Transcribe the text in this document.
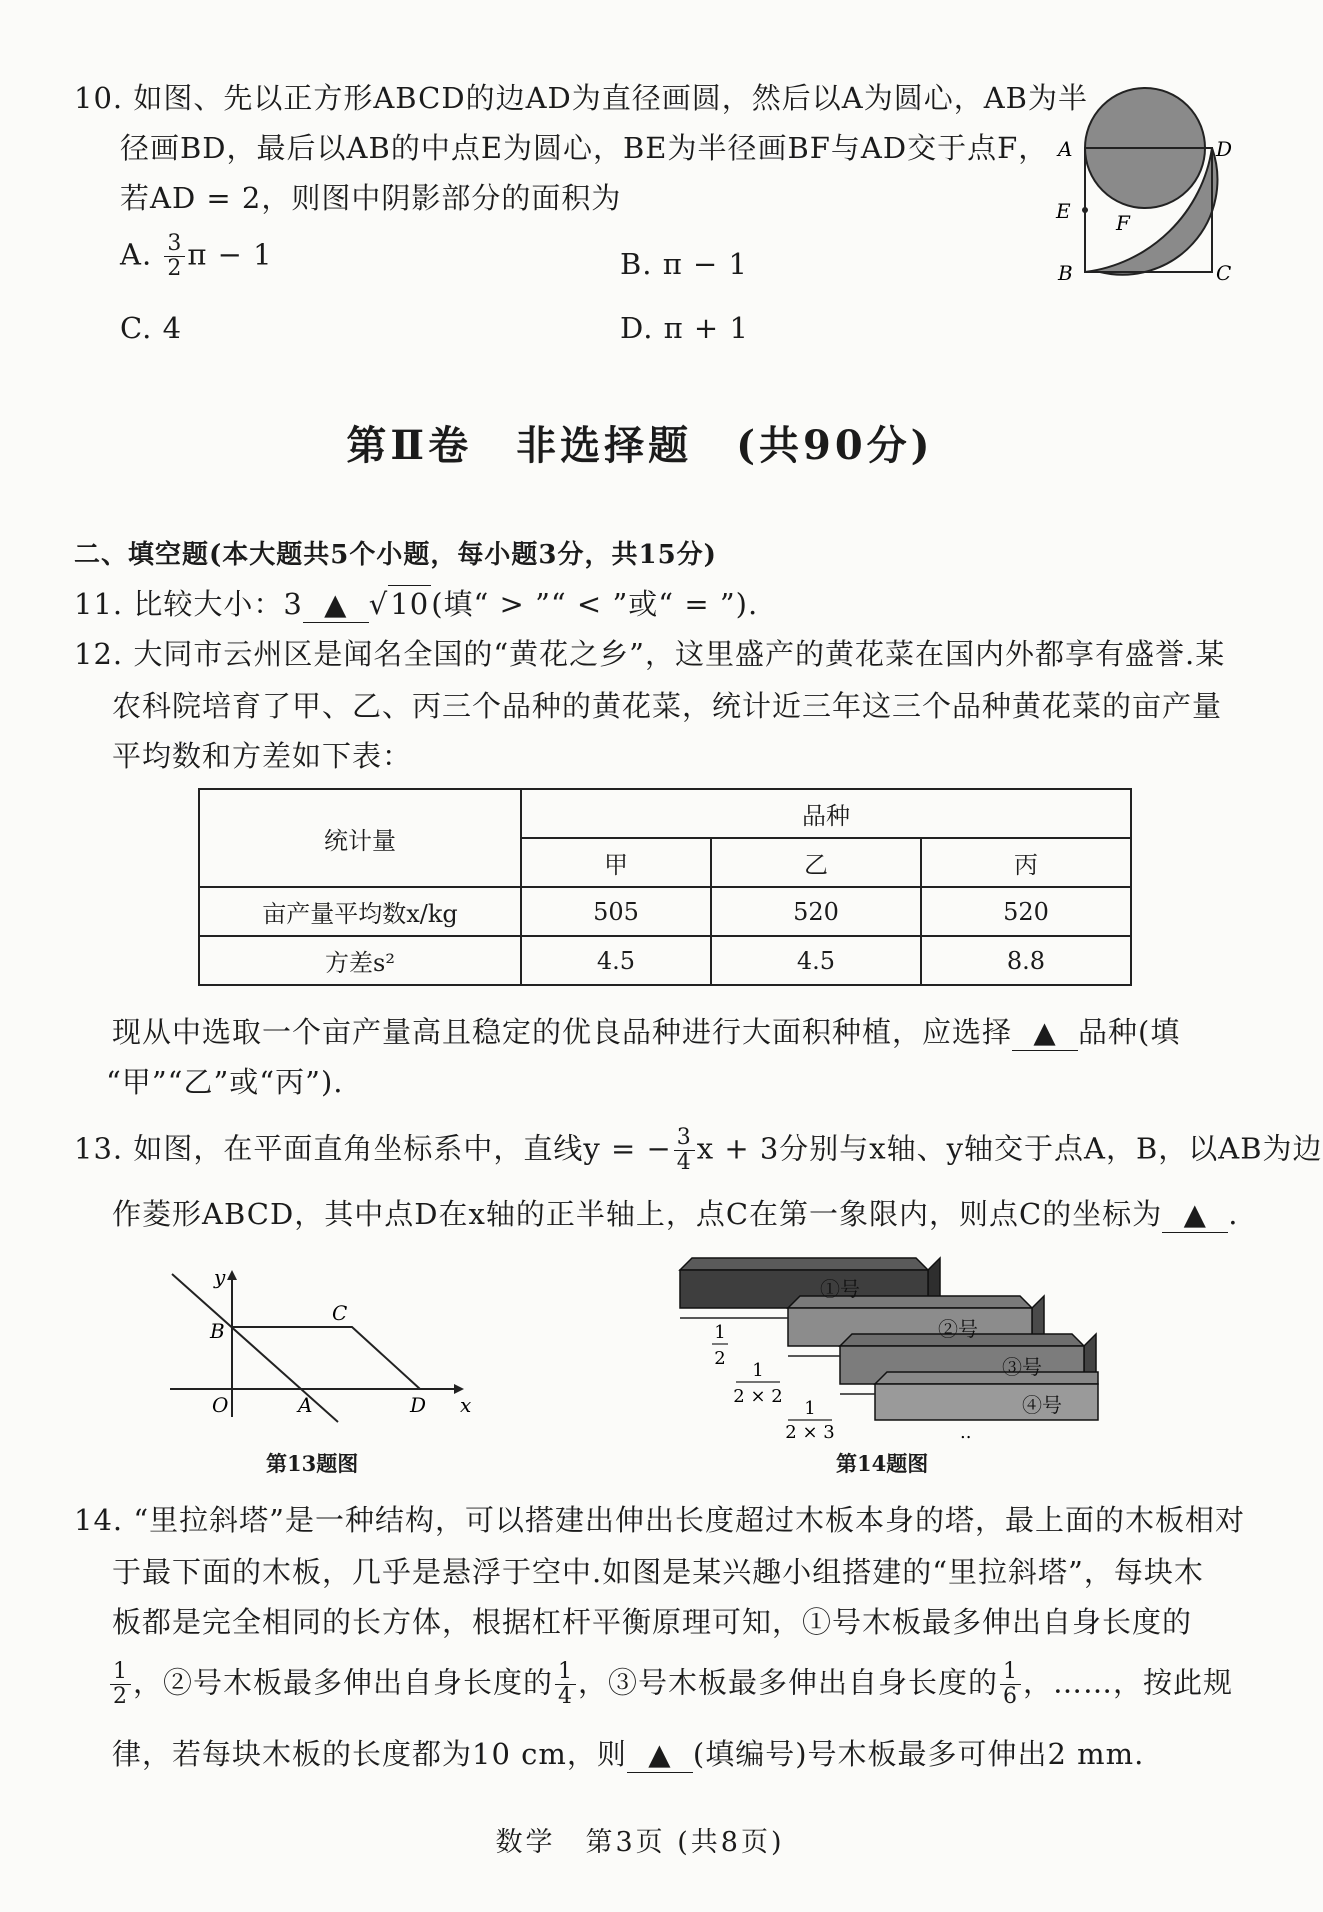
10. 如图、先以正方形ABCD的边AD为直径画圆，然后以A为圆心，AB为半
径画BD，最后以AB的中点E为圆心，BE为半径画BF与AD交于点F，
若AD = 2，则图中阴影部分的面积为
A. $\frac{3}{2}$ π − 1	B. π − 1
C. 4	D. π + 1
A	D
E F
B	C
第Ⅱ卷　非选择题　(共90分)
二、填空题(本大题共5个小题，每小题3分，共15分)
11. 比较大小：3 ▲ √10(填“ > ”“ < ”或“ = ”).
12. 大同市云州区是闻名全国的“黄花之乡”，这里盛产的黄花菜在国内外都享有盛誉.某
农科院培育了甲、乙、丙三个品种的黄花菜，统计近三年这三个品种黄花菜的亩产量
平均数和方差如下表：
统计量	品种		
	甲	乙	丙
亩产量平均数x/kg	505	520	520
方差s²	4.5	4.5	8.8
现从中选取一个亩产量高且稳定的优良品种进行大面积种植，应选择 ▲ 品种(填
“甲”“乙”或“丙”).
13. 如图，在平面直角坐标系中，直线y = − $\frac{3}{4}$ x + 3分别与x轴、y轴交于点A，B，以AB为边
作菱形ABCD，其中点D在x轴的正半轴上，点C在第一象限内，则点C的坐标为 ▲ .
y
x
B
C
O	A	D
第13题图
①号
②号
③号
④号
1
2
1
2 × 2
1
2 × 3	..
第14题图
14. “里拉斜塔”是一种结构，可以搭建出伸出长度超过木板本身的塔，最上面的木板相对
于最下面的木板，几乎是悬浮于空中.如图是某兴趣小组搭建的“里拉斜塔”，每块木
板都是完全相同的长方体，根据杠杆平衡原理可知，①号木板最多伸出自身长度的
$\frac{1}{2}$ ，②号木板最多伸出自身长度的 $\frac{1}{4}$ ，③号木板最多伸出自身长度的 $\frac{1}{6}$ ，……，按此规
律，若每块木板的长度都为10 cm，则 ▲ (填编号)号木板最多可伸出2 mm.
数学　第3页 (共8页)
